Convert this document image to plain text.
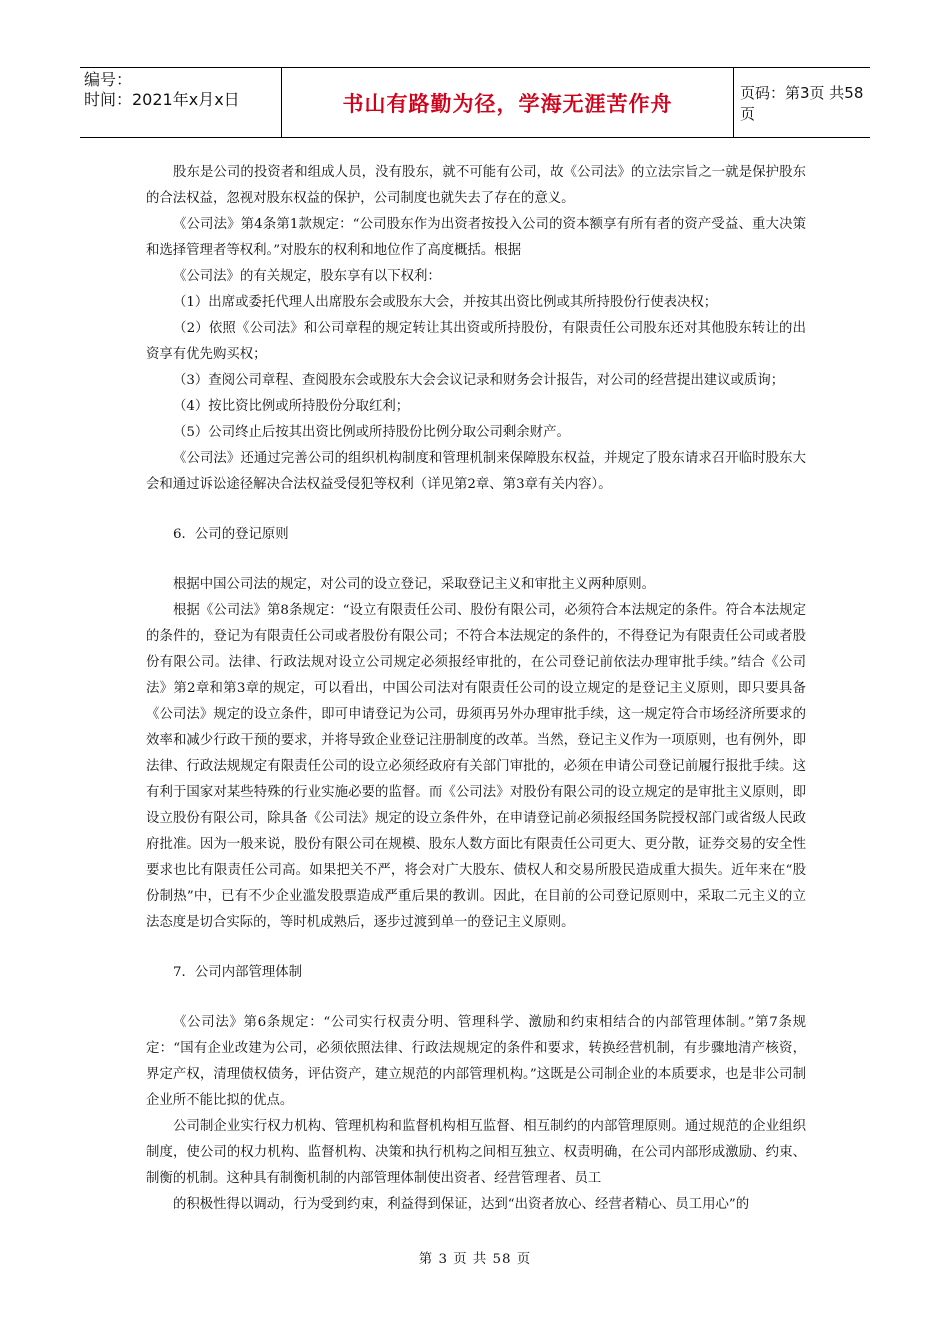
编号：
时间：2021年x月x日	书山有路勤为径，学海无涯苦作舟	页码：第3页 共58页

股东是公司的投资者和组成人员，没有股东，就不可能有公司，故《公司法》的立法宗旨之一就是保护股东的合法权益，忽视对股东权益的保护，公司制度也就失去了存在的意义。

《公司法》第4条第1款规定：“公司股东作为出资者按投入公司的资本额享有所有者的资产受益、重大决策和选择管理者等权利。”对股东的权利和地位作了高度概括。根据

《公司法》的有关规定，股东享有以下权利：

（1）出席或委托代理人出席股东会或股东大会，并按其出资比例或其所持股份行使表决权；

（2）依照《公司法》和公司章程的规定转让其出资或所持股份，有限责任公司股东还对其他股东转让的出资享有优先购买权；

（3）查阅公司章程、查阅股东会或股东大会会议记录和财务会计报告，对公司的经营提出建议或质询；

（4）按比资比例或所持股份分取红利；

（5）公司终止后按其出资比例或所持股份比例分取公司剩余财产。

《公司法》还通过完善公司的组织机构制度和管理机制来保障股东权益，并规定了股东请求召开临时股东大会和通过诉讼途径解决合法权益受侵犯等权利（详见第2章、第3章有关内容）。

6．公司的登记原则

根据中国公司法的规定，对公司的设立登记，采取登记主义和审批主义两种原则。

根据《公司法》第8条规定：“设立有限责任公司、股份有限公司，必须符合本法规定的条件。符合本法规定的条件的，登记为有限责任公司或者股份有限公司；不符合本法规定的条件的，不得登记为有限责任公司或者股份有限公司。法律、行政法规对设立公司规定必须报经审批的，在公司登记前依法办理审批手续。”结合《公司法》第2章和第3章的规定，可以看出，中国公司法对有限责任公司的设立规定的是登记主义原则，即只要具备《公司法》规定的设立条件，即可申请登记为公司，毋须再另外办理审批手续，这一规定符合市场经济所要求的效率和减少行政干预的要求，并将导致企业登记注册制度的改革。当然，登记主义作为一项原则，也有例外，即法律、行政法规规定有限责任公司的设立必须经政府有关部门审批的，必须在申请公司登记前履行报批手续。这有利于国家对某些特殊的行业实施必要的监督。而《公司法》对股份有限公司的设立规定的是审批主义原则，即设立股份有限公司，除具备《公司法》规定的设立条件外，在申请登记前必须报经国务院授权部门或省级人民政府批准。因为一般来说，股份有限公司在规模、股东人数方面比有限责任公司更大、更分散，证券交易的安全性要求也比有限责任公司高。如果把关不严，将会对广大股东、债权人和交易所股民造成重大损失。近年来在“股份制热”中，已有不少企业滥发股票造成严重后果的教训。因此，在目前的公司登记原则中，采取二元主义的立法态度是切合实际的，等时机成熟后，逐步过渡到单一的登记主义原则。

7．公司内部管理体制

《公司法》第6条规定：“公司实行权责分明、管理科学、激励和约束相结合的内部管理体制。”第7条规定：“国有企业改建为公司，必须依照法律、行政法规规定的条件和要求，转换经营机制，有步骤地清产核资，界定产权，清理债权债务，评估资产，建立规范的内部管理机构。”这既是公司制企业的本质要求，也是非公司制企业所不能比拟的优点。

公司制企业实行权力机构、管理机构和监督机构相互监督、相互制约的内部管理原则。通过规范的企业组织制度，使公司的权力机构、监督机构、决策和执行机构之间相互独立、权责明确，在公司内部形成激励、约束、制衡的机制。这种具有制衡机制的内部管理体制使出资者、经营管理者、员工

的积极性得以调动，行为受到约束，利益得到保证，达到“出资者放心、经营者精心、员工用心”的

第 3 页 共 58 页
